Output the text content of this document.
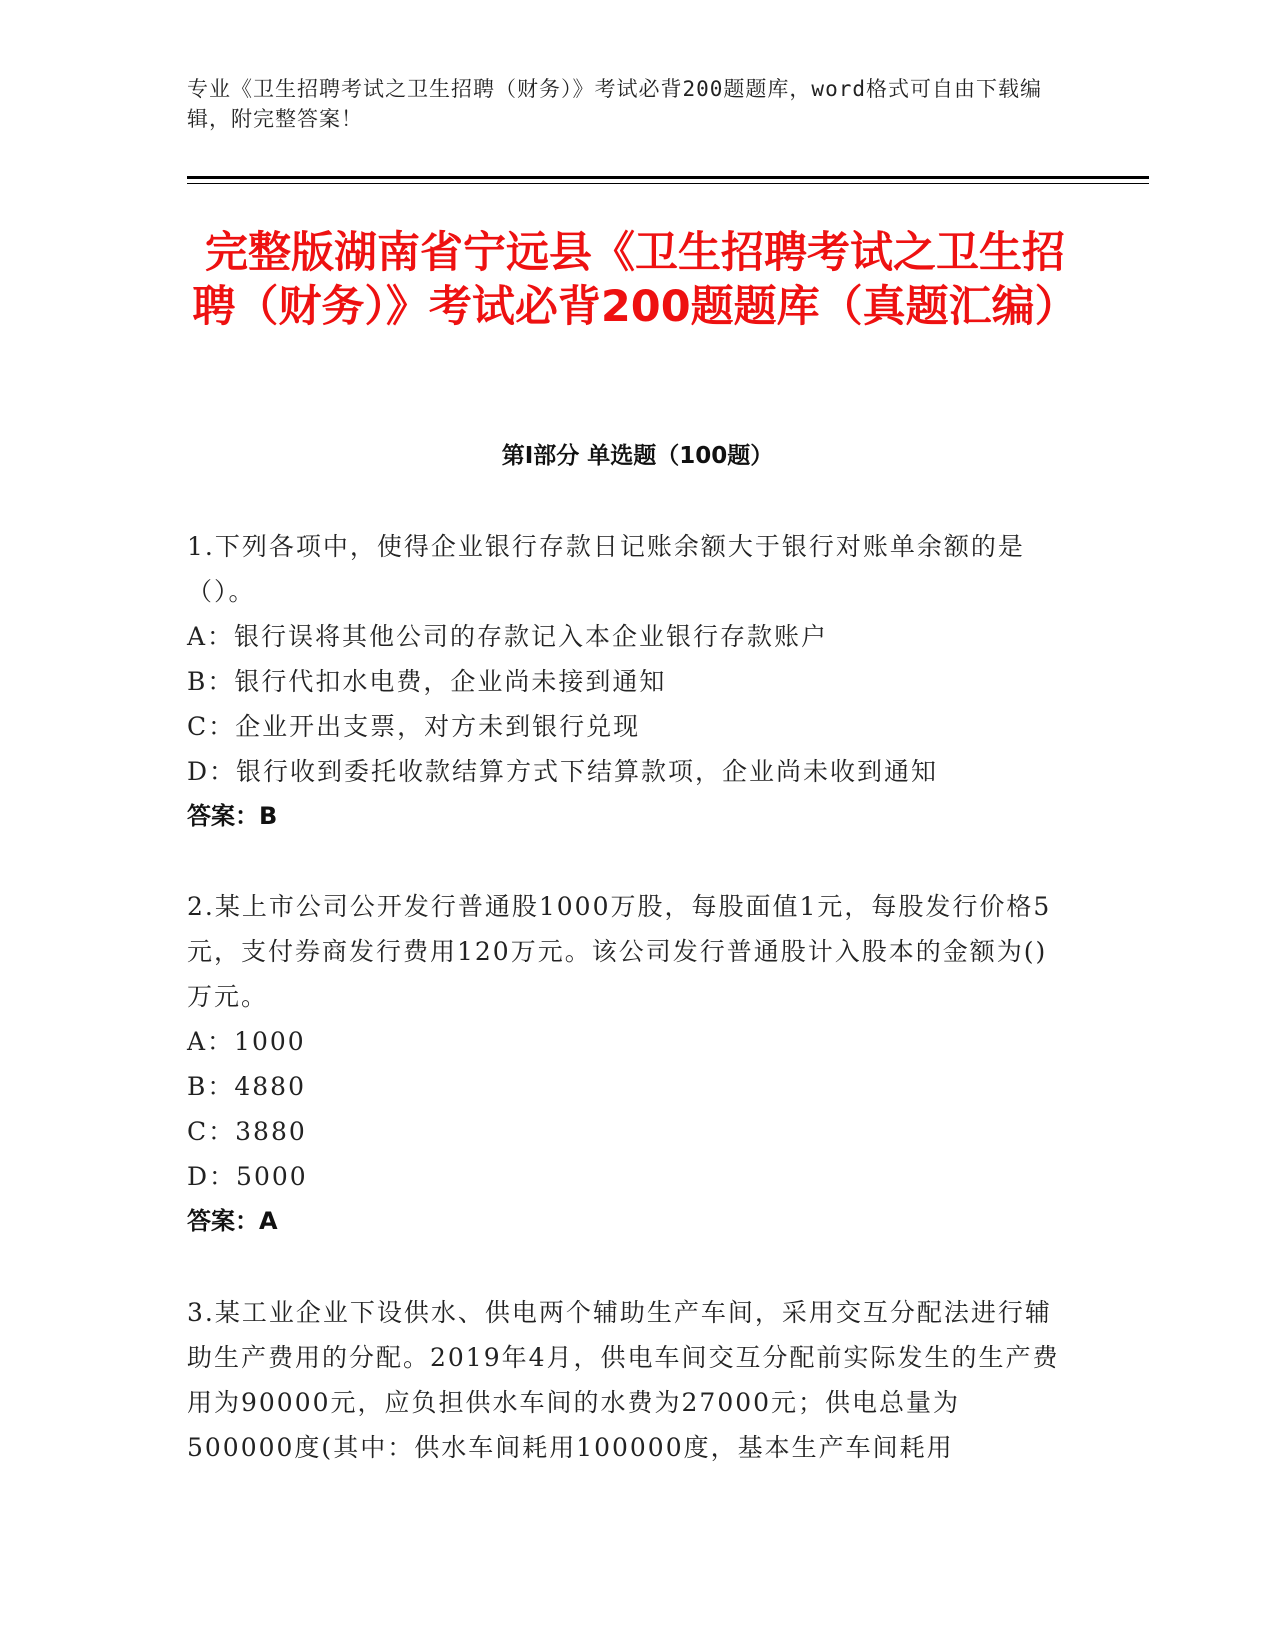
专业《卫生招聘考试之卫生招聘（财务）》考试必背200题题库，word格式可自由下载编辑，附完整答案！
完整版湖南省宁远县《卫生招聘考试之卫生招聘（财务）》考试必背200题题库（真题汇编）
第I部分 单选题（100题）

1.下列各项中，使得企业银行存款日记账余额大于银行对账单余额的是（）。

A：银行误将其他公司的存款记入本企业银行存款账户

B：银行代扣水电费，企业尚未接到通知

C：企业开出支票，对方未到银行兑现

D：银行收到委托收款结算方式下结算款项，企业尚未收到通知

答案：B

2.某上市公司公开发行普通股1000万股，每股面值1元，每股发行价格5元，支付券商发行费用120万元。该公司发行普通股计入股本的金额为()万元。

A：1000

B：4880

C：3880

D：5000

答案：A

3.某工业企业下设供水、供电两个辅助生产车间，采用交互分配法进行辅助生产费用的分配。2019年4月，供电车间交互分配前实际发生的生产费用为90000元，应负担供水车间的水费为27000元；供电总量为500000度(其中：供水车间耗用100000度，基本生产车间耗用
